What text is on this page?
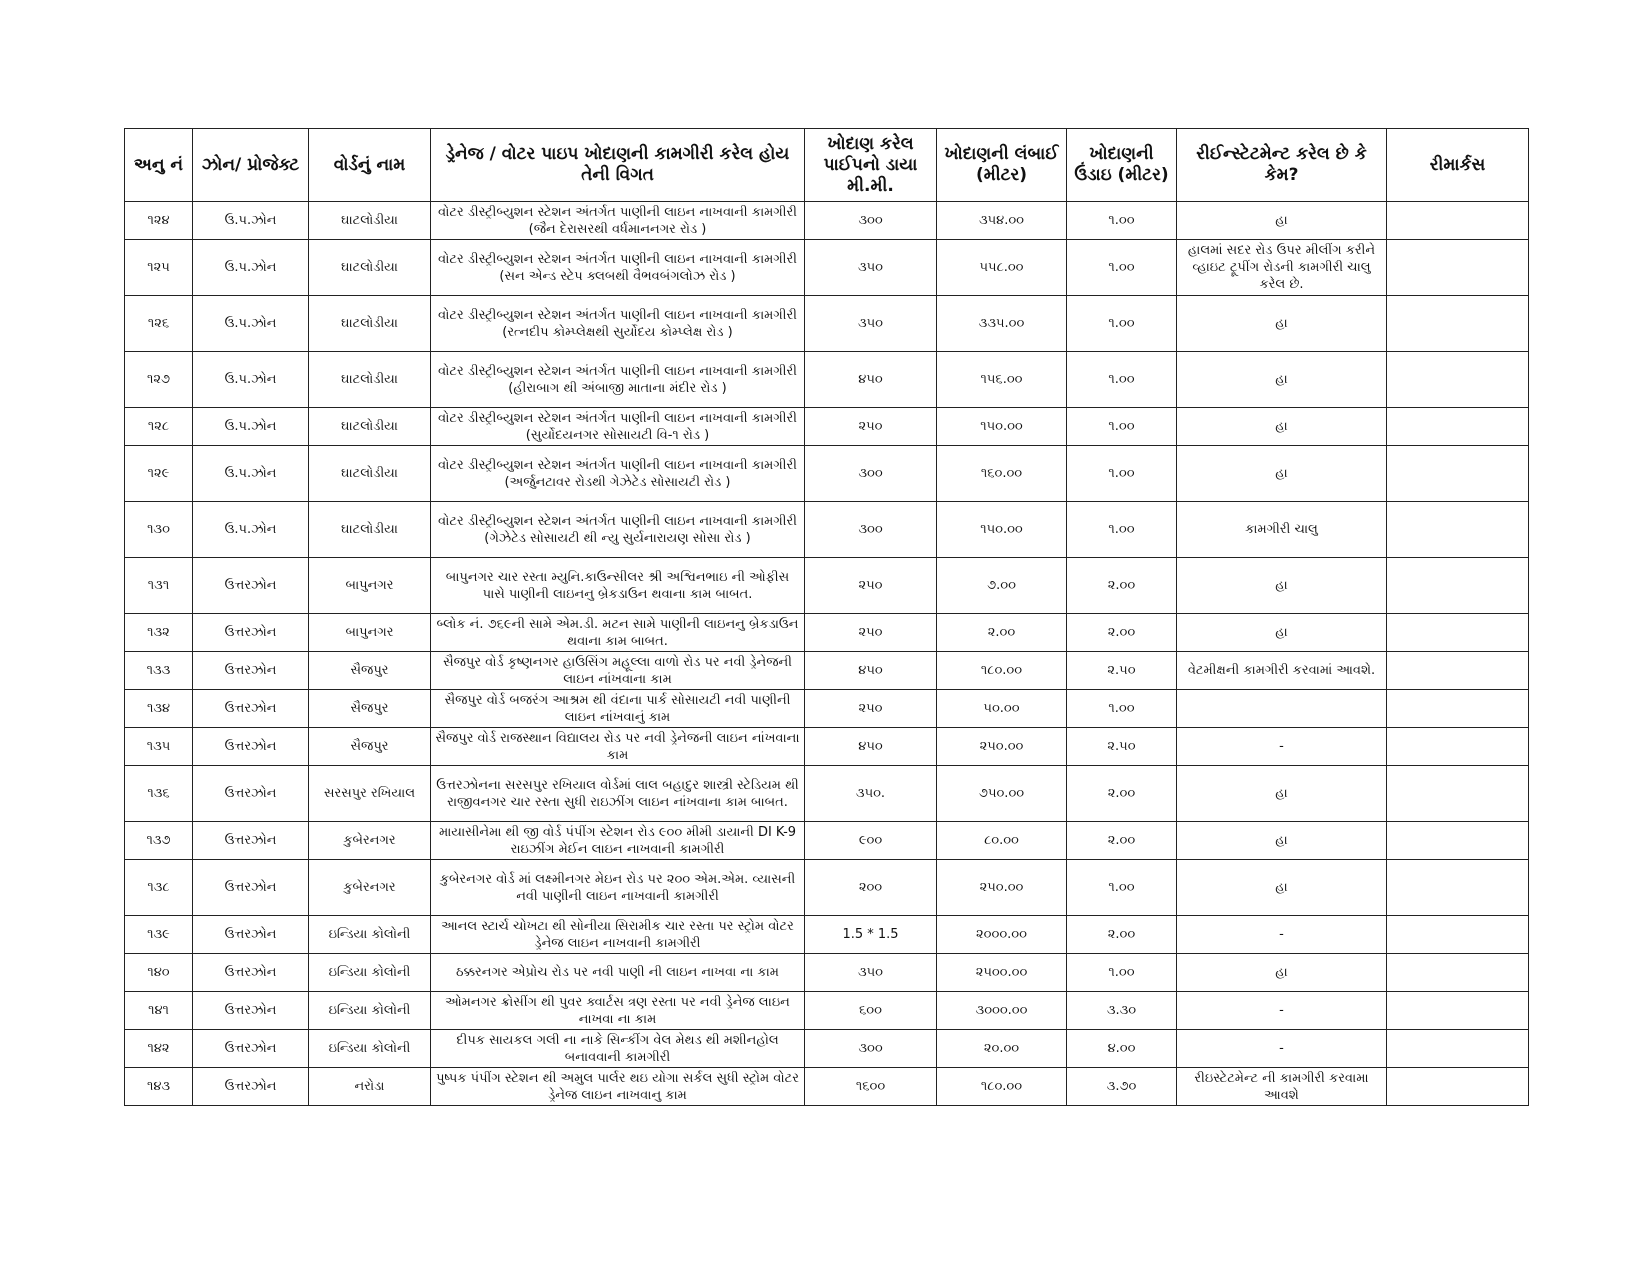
અનુ નં	ઝોન/ પ્રોજેક્ટ	વોર્ડનું નામ	ડ્રેનેજ / વોટર પાઇપ ખોદાણની કામગીરી કરેલ હોય તેની વિગત	ખોદાણ કરેલ પાઈપનો ડાયા મી.મી.	ખોદાણની લંબાઈ (મીટર)	ખોદાણની ઉંડાઇ (મીટર)	રીઈન્સ્ટેટમેન્ટ કરેલ છે કે કેમ?	રીમાર્કસ
૧૨૪	ઉ.પ.ઝોન	ઘાટલોડીયા	વોટર ડીસ્ટ્રીબ્યુશન સ્ટેશન અંતર્ગત પાણીની લાઇન નાખવાની કામગીરી (જૈન દેરાસરથી વર્ધમાનનગર રોડ )	૩૦૦	૩૫૪.૦૦	૧.૦૦	હા	
૧૨૫	ઉ.પ.ઝોન	ઘાટલોડીયા	વોટર ડીસ્ટ્રીબ્યુશન સ્ટેશન અંતર્ગત પાણીની લાઇન નાખવાની કામગીરી (સન એન્ડ સ્ટેપ ક્લબથી વૈભવબંગલોઝ રોડ )	૩૫૦	૫૫૮.૦૦	૧.૦૦	હાલમાં સદર રોડ ઉપર મીલીંગ કરીને વ્હાઇટ ટ્રૂપીંગ રોડની કામગીરી ચાલુ કરેલ છે.	
૧૨૬	ઉ.પ.ઝોન	ઘાટલોડીયા	વોટર ડીસ્ટ્રીબ્યુશન સ્ટેશન અંતર્ગત પાણીની લાઇન નાખવાની કામગીરી (રત્નદીપ કોમ્પ્લેક્ષથી સુર્યોદય કોમ્પ્લેક્ષ રોડ )	૩૫૦	૩૩૫.૦૦	૧.૦૦	હા	
૧૨૭	ઉ.પ.ઝોન	ઘાટલોડીયા	વોટર ડીસ્ટ્રીબ્યુશન સ્ટેશન અંતર્ગત પાણીની લાઇન નાખવાની કામગીરી (હીરાબાગ થી અંબાજી માતાના મંદીર રોડ )	૪૫૦	૧૫૬.૦૦	૧.૦૦	હા	
૧૨૮	ઉ.પ.ઝોન	ઘાટલોડીયા	વોટર ડીસ્ટ્રીબ્યુશન સ્ટેશન અંતર્ગત પાણીની લાઇન નાખવાની કામગીરી (સુર્યોદયનગર સોસાયટી વિ-૧ રોડ )	૨૫૦	૧૫૦.૦૦	૧.૦૦	હા	
૧૨૯	ઉ.પ.ઝોન	ઘાટલોડીયા	વોટર ડીસ્ટ્રીબ્યુશન સ્ટેશન અંતર્ગત પાણીની લાઇન નાખવાની કામગીરી (અર્જુનટાવર રોડથી ગેઝેટેડ સોસાયટી રોડ )	૩૦૦	૧૬૦.૦૦	૧.૦૦	હા	
૧૩૦	ઉ.પ.ઝોન	ઘાટલોડીયા	વોટર ડીસ્ટ્રીબ્યુશન સ્ટેશન અંતર્ગત પાણીની લાઇન નાખવાની કામગીરી (ગેઝેટેડ સોસાયટી થી ન્યુ સુર્યનારાયણ સોસા રોડ )	૩૦૦	૧૫૦.૦૦	૧.૦૦	કામગીરી ચાલુ	
૧૩૧	ઉત્તરઝોન	બાપુનગર	બાપુનગર ચાર રસ્તા મ્યુનિ.કાઉન્સીલર શ્રી અશ્વિનભાઇ ની ઓફીસ પાસે પાણીની લાઇનનુ બ્રેકડાઉન થવાના કામ બાબત.	૨૫૦	૭.૦૦	૨.૦૦	હા	
૧૩૨	ઉત્તરઝોન	બાપુનગર	બ્લોક નં. ૭૬૯ની સામે એમ.ડી. મટન સામે પાણીની લાઇનનુ બ્રેકડાઉન થવાના કામ બાબત.	૨૫૦	૨.૦૦	૨.૦૦	હા	
૧૩૩	ઉત્તરઝોન	સૈજપુર	સૈજપુર વોર્ડ કૃષ્ણનગર હાઉસિંગ મહૂલ્લા વાળો રોડ પર નવી ડ્રેનેજની લાઇન નાંખવાના કામ	૪૫૦	૧૮૦.૦૦	૨.૫૦	વેટમીક્ષની કામગીરી કરવામાં આવશે.	
૧૩૪	ઉત્તરઝોન	સૈજપુર	સૈજપુર વોર્ડ બજરંગ આશ્રમ થી વંદાના પાર્ક સોસાયટી નવી પાણીની લાઇન નાંખવાનું કામ	૨૫૦	૫૦.૦૦	૧.૦૦		
૧૩૫	ઉત્તરઝોન	સૈજપુર	સૈજપુર વોર્ડ રાજસ્થાન વિદ્યાલય રોડ પર નવી ડ્રેનેજની લાઇન નાંખવાના કામ	૪૫૦	૨૫૦.૦૦	૨.૫૦	-	
૧૩૬	ઉત્તરઝોન	સરસપુર રખિયાલ	ઉત્તરઝોનના સરસપુર રખિયાલ વોર્ડમાં લાલ બહાદુર શાસ્ત્રી સ્ટેડિયમ થી રાજીવનગર ચાર રસ્તા સુધી રાઇઝીંગ લાઇન નાંખવાના કામ બાબત.	૩૫૦.	૭૫૦.૦૦	૨.૦૦	હા	
૧૩૭	ઉત્તરઝોન	કુબેરનગર	માયાસીનેમા થી જી વોર્ડ પંપીંગ સ્ટેશન રોડ ૯૦૦ મીમી ડાયાની DI K-9 રાઇઝીંગ મેઈન લાઇન નાખવાની કામગીરી	૯૦૦	૮૦.૦૦	૨.૦૦	હા	
૧૩૮	ઉત્તરઝોન	કુબેરનગર	કુબેરનગર વોર્ડ માં લક્ષ્મીનગર મેઇન રોડ પર ૨૦૦ એમ.એમ. વ્યાસની નવી પાણીની લાઇન નાખવાની કામગીરી	૨૦૦	૨૫૦.૦૦	૧.૦૦	હા	
૧૩૯	ઉત્તરઝોન	ઇન્ડિયા કોલોની	આનલ સ્ટાર્ચ ચોખટા થી સોનીયા સિરામીક ચાર રસ્તા પર સ્ટ્રોમ વોટર ડ્રેનેજ લાઇન નાખવાની કામગીરી	1.5 * 1.5	૨૦૦૦.૦૦	૨.૦૦	-	
૧૪૦	ઉત્તરઝોન	ઇન્ડિયા કોલોની	ઠક્કરનગર એપ્રોચ રોડ પર નવી પાણી ની લાઇન નાખવા ના કામ	૩૫૦	૨૫૦૦.૦૦	૧.૦૦	હા	
૧૪૧	ઉત્તરઝોન	ઇન્ડિયા કોલોની	ઓમનગર ક્રોસીંગ થી પુવર ક્વાર્ટસ ત્રણ રસ્તા પર નવી ડ્રેનેજ લાઇન નાખવા ના કામ	૬૦૦	૩૦૦૦.૦૦	૩.૩૦	-	
૧૪૨	ઉત્તરઝોન	ઇન્ડિયા કોલોની	દીપક સાયકલ ગલી ના નાકે સિન્કીંગ વેલ મેથડ થી મશીનહોલ બનાવવાની કામગીરી	૩૦૦	૨૦.૦૦	૪.૦૦	-	
૧૪૩	ઉત્તરઝોન	નરોડા	પુષ્પક પંપીંગ સ્ટેશન થી અમુલ પાર્લર થઇ યોગા સર્કલ સુધી સ્ટ્રોમ વોટર ડ્રેનેજ લાઇન નાખવાનુ કામ	૧૬૦૦	૧૮૦.૦૦	૩.૭૦	રીઇસ્ટેટમેન્ટ ની કામગીરી કરવામા આવશે	
